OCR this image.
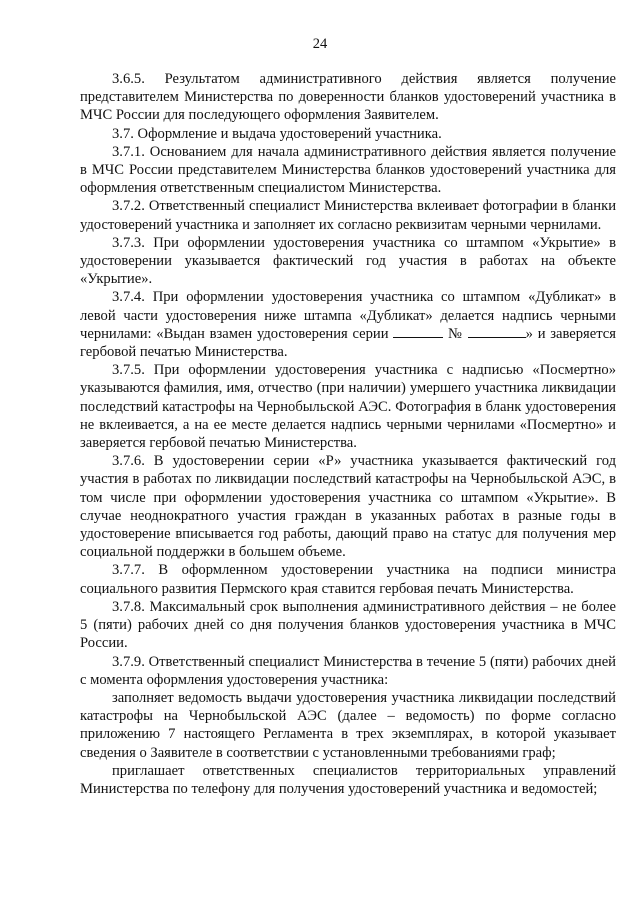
24

3.6.5. Результатом административного действия является получение представителем Министерства по доверенности бланков удостоверений участника в МЧС России для последующего оформления Заявителем.

3.7. Оформление и выдача удостоверений участника.

3.7.1. Основанием для начала административного действия является получение в МЧС России представителем Министерства бланков удостоверений участника для оформления ответственным специалистом Министерства.

3.7.2. Ответственный специалист Министерства вклеивает фотографии в бланки удостоверений участника и заполняет их согласно реквизитам черными чернилами.

3.7.3. При оформлении удостоверения участника со штампом «Укрытие» в удостоверении указывается фактический год участия в работах на объекте «Укрытие».

3.7.4. При оформлении удостоверения участника со штампом «Дубликат» в левой части удостоверения ниже штампа «Дубликат» делается надпись черными чернилами: «Выдан взамен удостоверения серии	№	» и заверяется гербовой печатью Министерства.

3.7.5. При оформлении удостоверения участника с надписью «Посмертно» указываются фамилия, имя, отчество (при наличии) умершего участника ликвидации последствий катастрофы на Чернобыльской АЭС. Фотография в бланк удостоверения не вклеивается, а на ее месте делается надпись черными чернилами «Посмертно» и заверяется гербовой печатью Министерства.

3.7.6. В удостоверении серии «Р» участника указывается фактический год участия в работах по ликвидации последствий катастрофы на Чернобыльской АЭС, в том числе при оформлении удостоверения участника со штампом «Укрытие». В случае неоднократного участия граждан в указанных работах в разные годы в удостоверение вписывается год работы, дающий право на статус для получения мер социальной поддержки в большем объеме.

3.7.7. В оформленном удостоверении участника на подписи министра социального развития Пермского края ставится гербовая печать Министерства.

3.7.8. Максимальный срок выполнения административного действия – не более 5 (пяти) рабочих дней со дня получения бланков удостоверения участника в МЧС России.

3.7.9. Ответственный специалист Министерства в течение 5 (пяти) рабочих дней с момента оформления удостоверения участника:

заполняет ведомость выдачи удостоверения участника ликвидации последствий катастрофы на Чернобыльской АЭС (далее – ведомость) по форме согласно приложению 7 настоящего Регламента в трех экземплярах, в которой указывает сведения о Заявителе в соответствии с установленными требованиями граф;

приглашает ответственных специалистов территориальных управлений Министерства по телефону для получения удостоверений участника и ведомостей;
